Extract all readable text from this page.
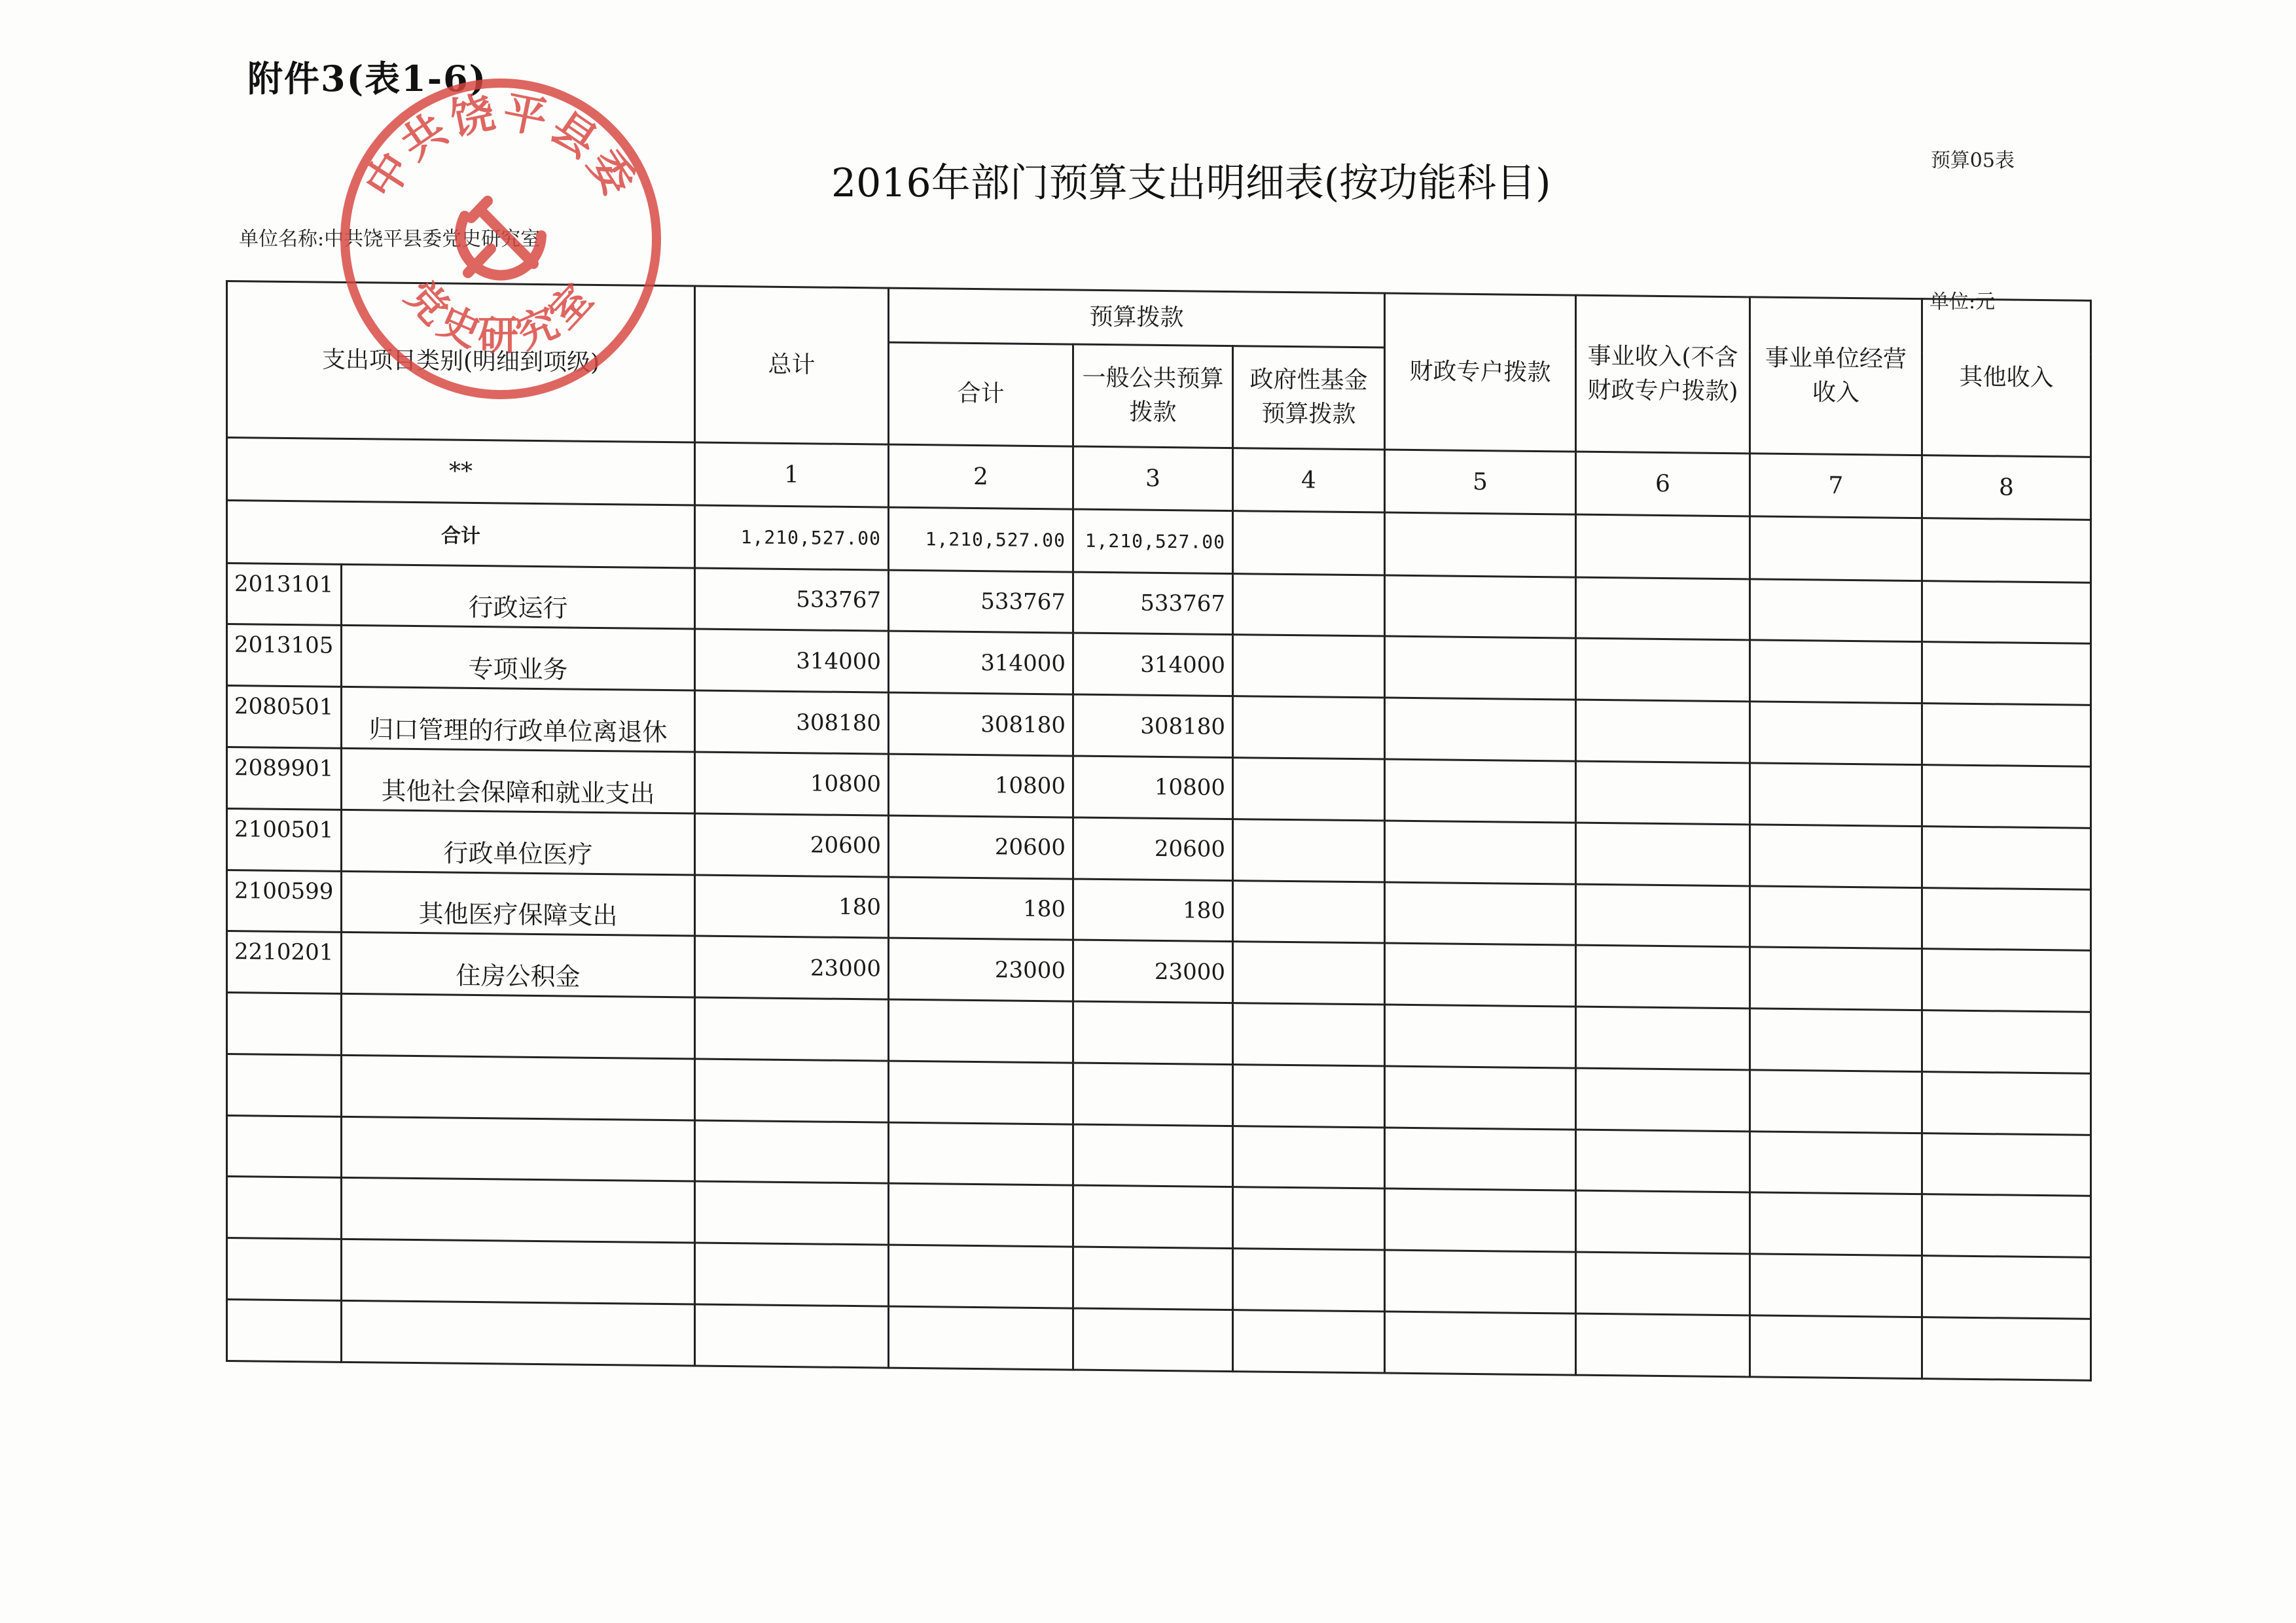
附件3(表1-6)
预算05表
2016年部门预算支出明细表(按功能科目)
单位名称:中共饶平县委党史研究室
单位:元
支出项目类别(明细到项级)		总计	预算拨款			财政专户拨款	事业收入(不含财政专户拨款)	事业单位经营收入	其他收入
			合计	一般公共预算拨款	政府性基金预算拨款				
**		1	2	3	4	5	6	7	8
合计		1,210,527.00	1,210,527.00	1,210,527.00					
2013101	行政运行	533767	533767	533767					
2013105	专项业务	314000	314000	314000					
2080501	归口管理的行政单位离退休	308180	308180	308180					
2089901	其他社会保障和就业支出	10800	10800	10800					
2100501	行政单位医疗	20600	20600	20600					
2100599	其他医疗保障支出	180	180	180					
2210201	住房公积金	23000	23000	23000					

中共饶平县委
党史研究室
